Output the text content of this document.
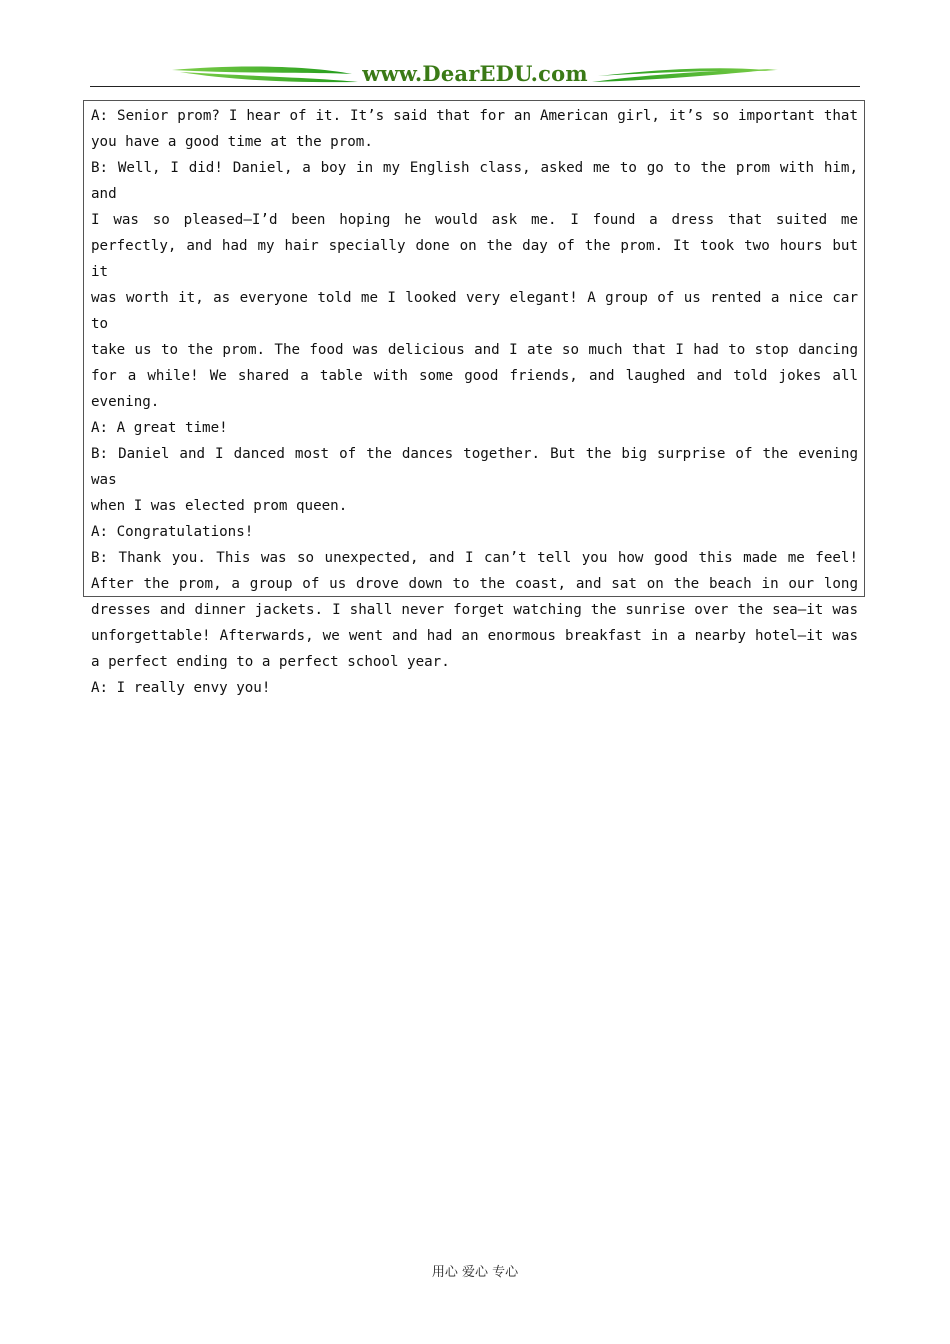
www.DearEDU.com
A: Senior prom? I hear of it. It’s said that for an American girl, it’s so important that
you have a good time at the prom.
B: Well, I did! Daniel, a boy in my English class, asked me to go to the prom with him, and
I was so pleased—I’d been hoping he would ask me. I found a dress that suited me
perfectly, and had my hair specially done on the day of the prom. It took two hours but it
was worth it, as everyone told me I looked very elegant! A group of us rented a nice car to
take us to the prom. The food was delicious and I ate so much that I had to stop dancing
for a while! We shared a table with some good friends, and laughed and told jokes all
evening.
A: A great time!
B: Daniel and I danced most of the dances together. But the big surprise of the evening was
when I was elected prom queen.
A: Congratulations!
B: Thank you. This was so unexpected, and I can’t tell you how good this made me feel!
After the prom, a group of us drove down to the coast, and sat on the beach in our long
dresses and dinner jackets. I shall never forget watching the sunrise over the sea—it was
unforgettable! Afterwards, we went and had an enormous breakfast in a nearby hotel—it was
a perfect ending to a perfect school year.
A: I really envy you!
用心 爱心 专心
